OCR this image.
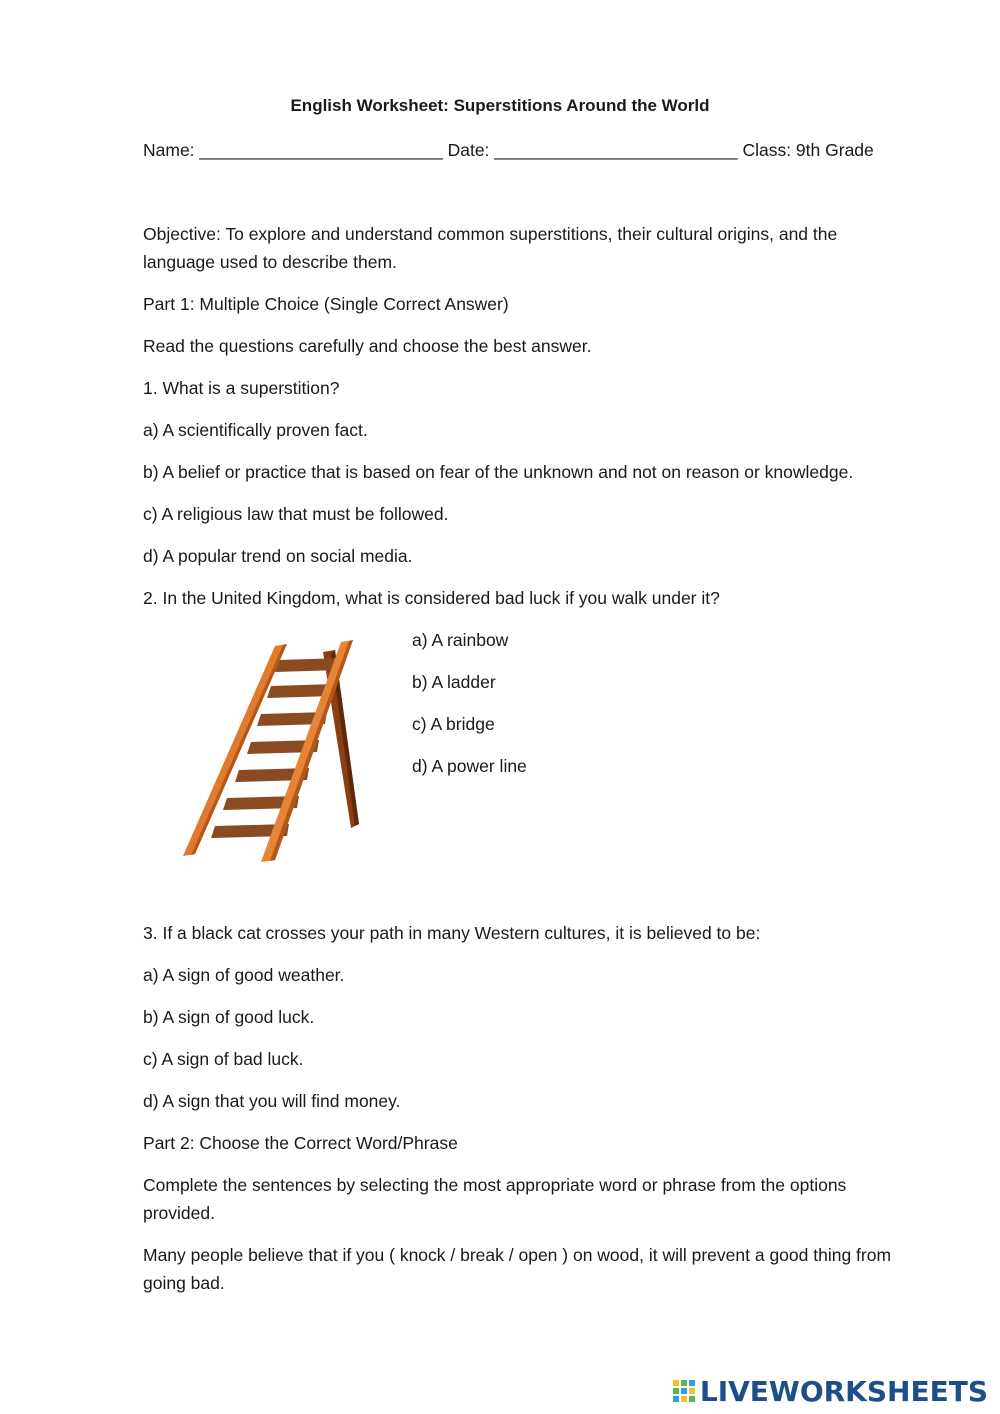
English Worksheet: Superstitions Around the World
Name: _________________________ Date: _________________________ Class: 9th Grade
Objective: To explore and understand common superstitions, their cultural origins, and the language used to describe them.
Part 1: Multiple Choice (Single Correct Answer)
Read the questions carefully and choose the best answer.
1. What is a superstition?
a) A scientifically proven fact.
b) A belief or practice that is based on fear of the unknown and not on reason or knowledge.
c) A religious law that must be followed.
d) A popular trend on social media.
2. In the United Kingdom, what is considered bad luck if you walk under it?
a) A rainbow
b) A ladder
c) A bridge
d) A power line
3. If a black cat crosses your path in many Western cultures, it is believed to be:
a) A sign of good weather.
b) A sign of good luck.
c) A sign of bad luck.
d) A sign that you will find money.
Part 2: Choose the Correct Word/Phrase
Complete the sentences by selecting the most appropriate word or phrase from the options provided.
Many people believe that if you ( knock / break / open ) on wood, it will prevent a good thing from going bad.
LIVEWORKSHEETS
